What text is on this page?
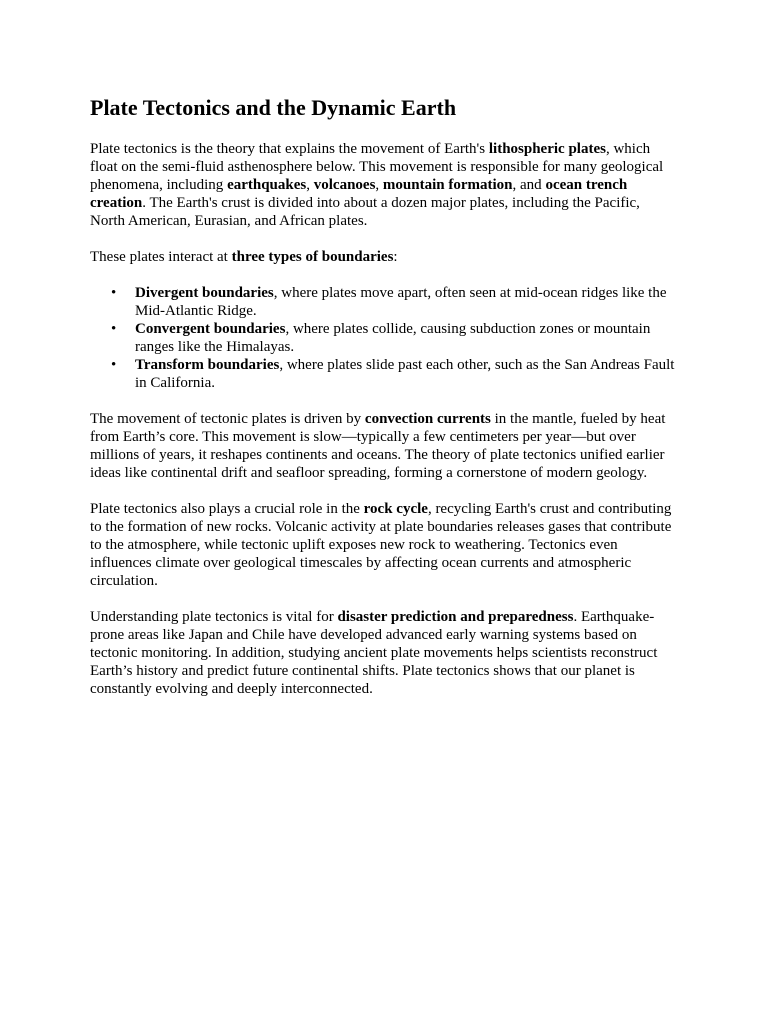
Plate Tectonics and the Dynamic Earth

Plate tectonics is the theory that explains the movement of Earth's lithospheric plates, which float on the semi-fluid asthenosphere below. This movement is responsible for many geological phenomena, including earthquakes, volcanoes, mountain formation, and ocean trench creation. The Earth's crust is divided into about a dozen major plates, including the Pacific, North American, Eurasian, and African plates.

These plates interact at three types of boundaries:

•	Divergent boundaries, where plates move apart, often seen at mid-ocean ridges like the Mid-Atlantic Ridge.
•	Convergent boundaries, where plates collide, causing subduction zones or mountain ranges like the Himalayas.
•	Transform boundaries, where plates slide past each other, such as the San Andreas Fault in California.

The movement of tectonic plates is driven by convection currents in the mantle, fueled by heat from Earth’s core. This movement is slow—typically a few centimeters per year—but over millions of years, it reshapes continents and oceans. The theory of plate tectonics unified earlier ideas like continental drift and seafloor spreading, forming a cornerstone of modern geology.

Plate tectonics also plays a crucial role in the rock cycle, recycling Earth's crust and contributing to the formation of new rocks. Volcanic activity at plate boundaries releases gases that contribute to the atmosphere, while tectonic uplift exposes new rock to weathering. Tectonics even influences climate over geological timescales by affecting ocean currents and atmospheric circulation.

Understanding plate tectonics is vital for disaster prediction and preparedness. Earthquake-prone areas like Japan and Chile have developed advanced early warning systems based on tectonic monitoring. In addition, studying ancient plate movements helps scientists reconstruct Earth’s history and predict future continental shifts. Plate tectonics shows that our planet is constantly evolving and deeply interconnected.
